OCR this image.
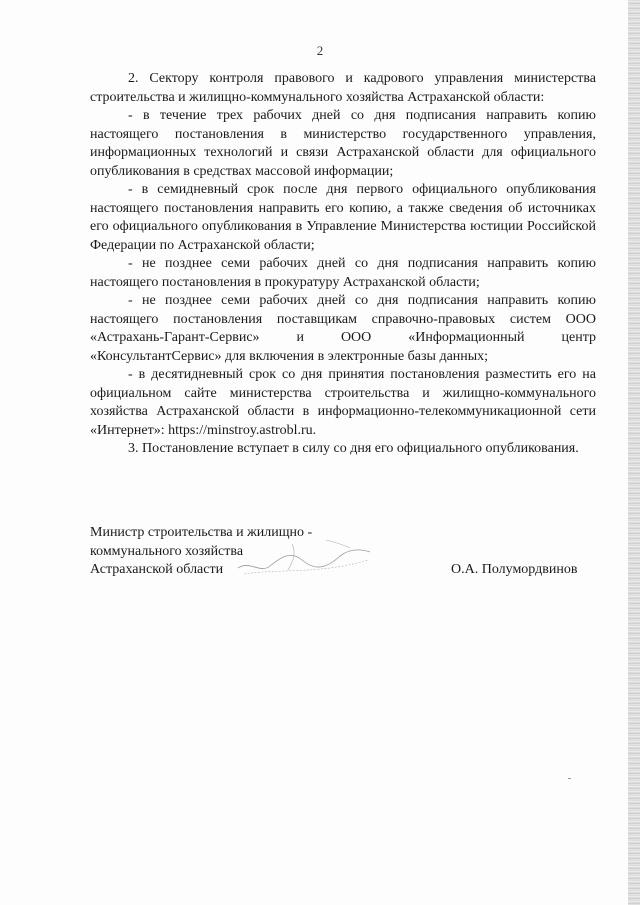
2

2. Сектору контроля правового и кадрового управления министерства строительства и жилищно-коммунального хозяйства Астраханской области:

- в течение трех рабочих дней со дня подписания направить копию настоящего постановления в министерство государственного управления, информационных технологий и связи Астраханской области для официального опубликования в средствах массовой информации;

- в семидневный срок после дня первого официального опубликования настоящего постановления направить его копию, а также сведения об источниках его официального опубликования в Управление Министерства юстиции Российской Федерации по Астраханской области;

- не позднее семи рабочих дней со дня подписания направить копию настоящего постановления в прокуратуру Астраханской области;

- не позднее семи рабочих дней со дня подписания направить копию настоящего постановления поставщикам справочно-правовых систем ООО «Астрахань-Гарант-Сервис» и ООО «Информационный центр «КонсультантСервис» для включения в электронные базы данных;

- в десятидневный срок со дня принятия постановления разместить его на официальном сайте министерства строительства и жилищно-коммунального хозяйства Астраханской области в информационно-телекоммуникационной сети «Интернет»: https://minstroy.astrobl.ru.

3. Постановление вступает в силу со дня его официального опубликования.

Министр строительства и жилищно -
коммунального хозяйства
Астраханской области	О.А. Полумордвинов
